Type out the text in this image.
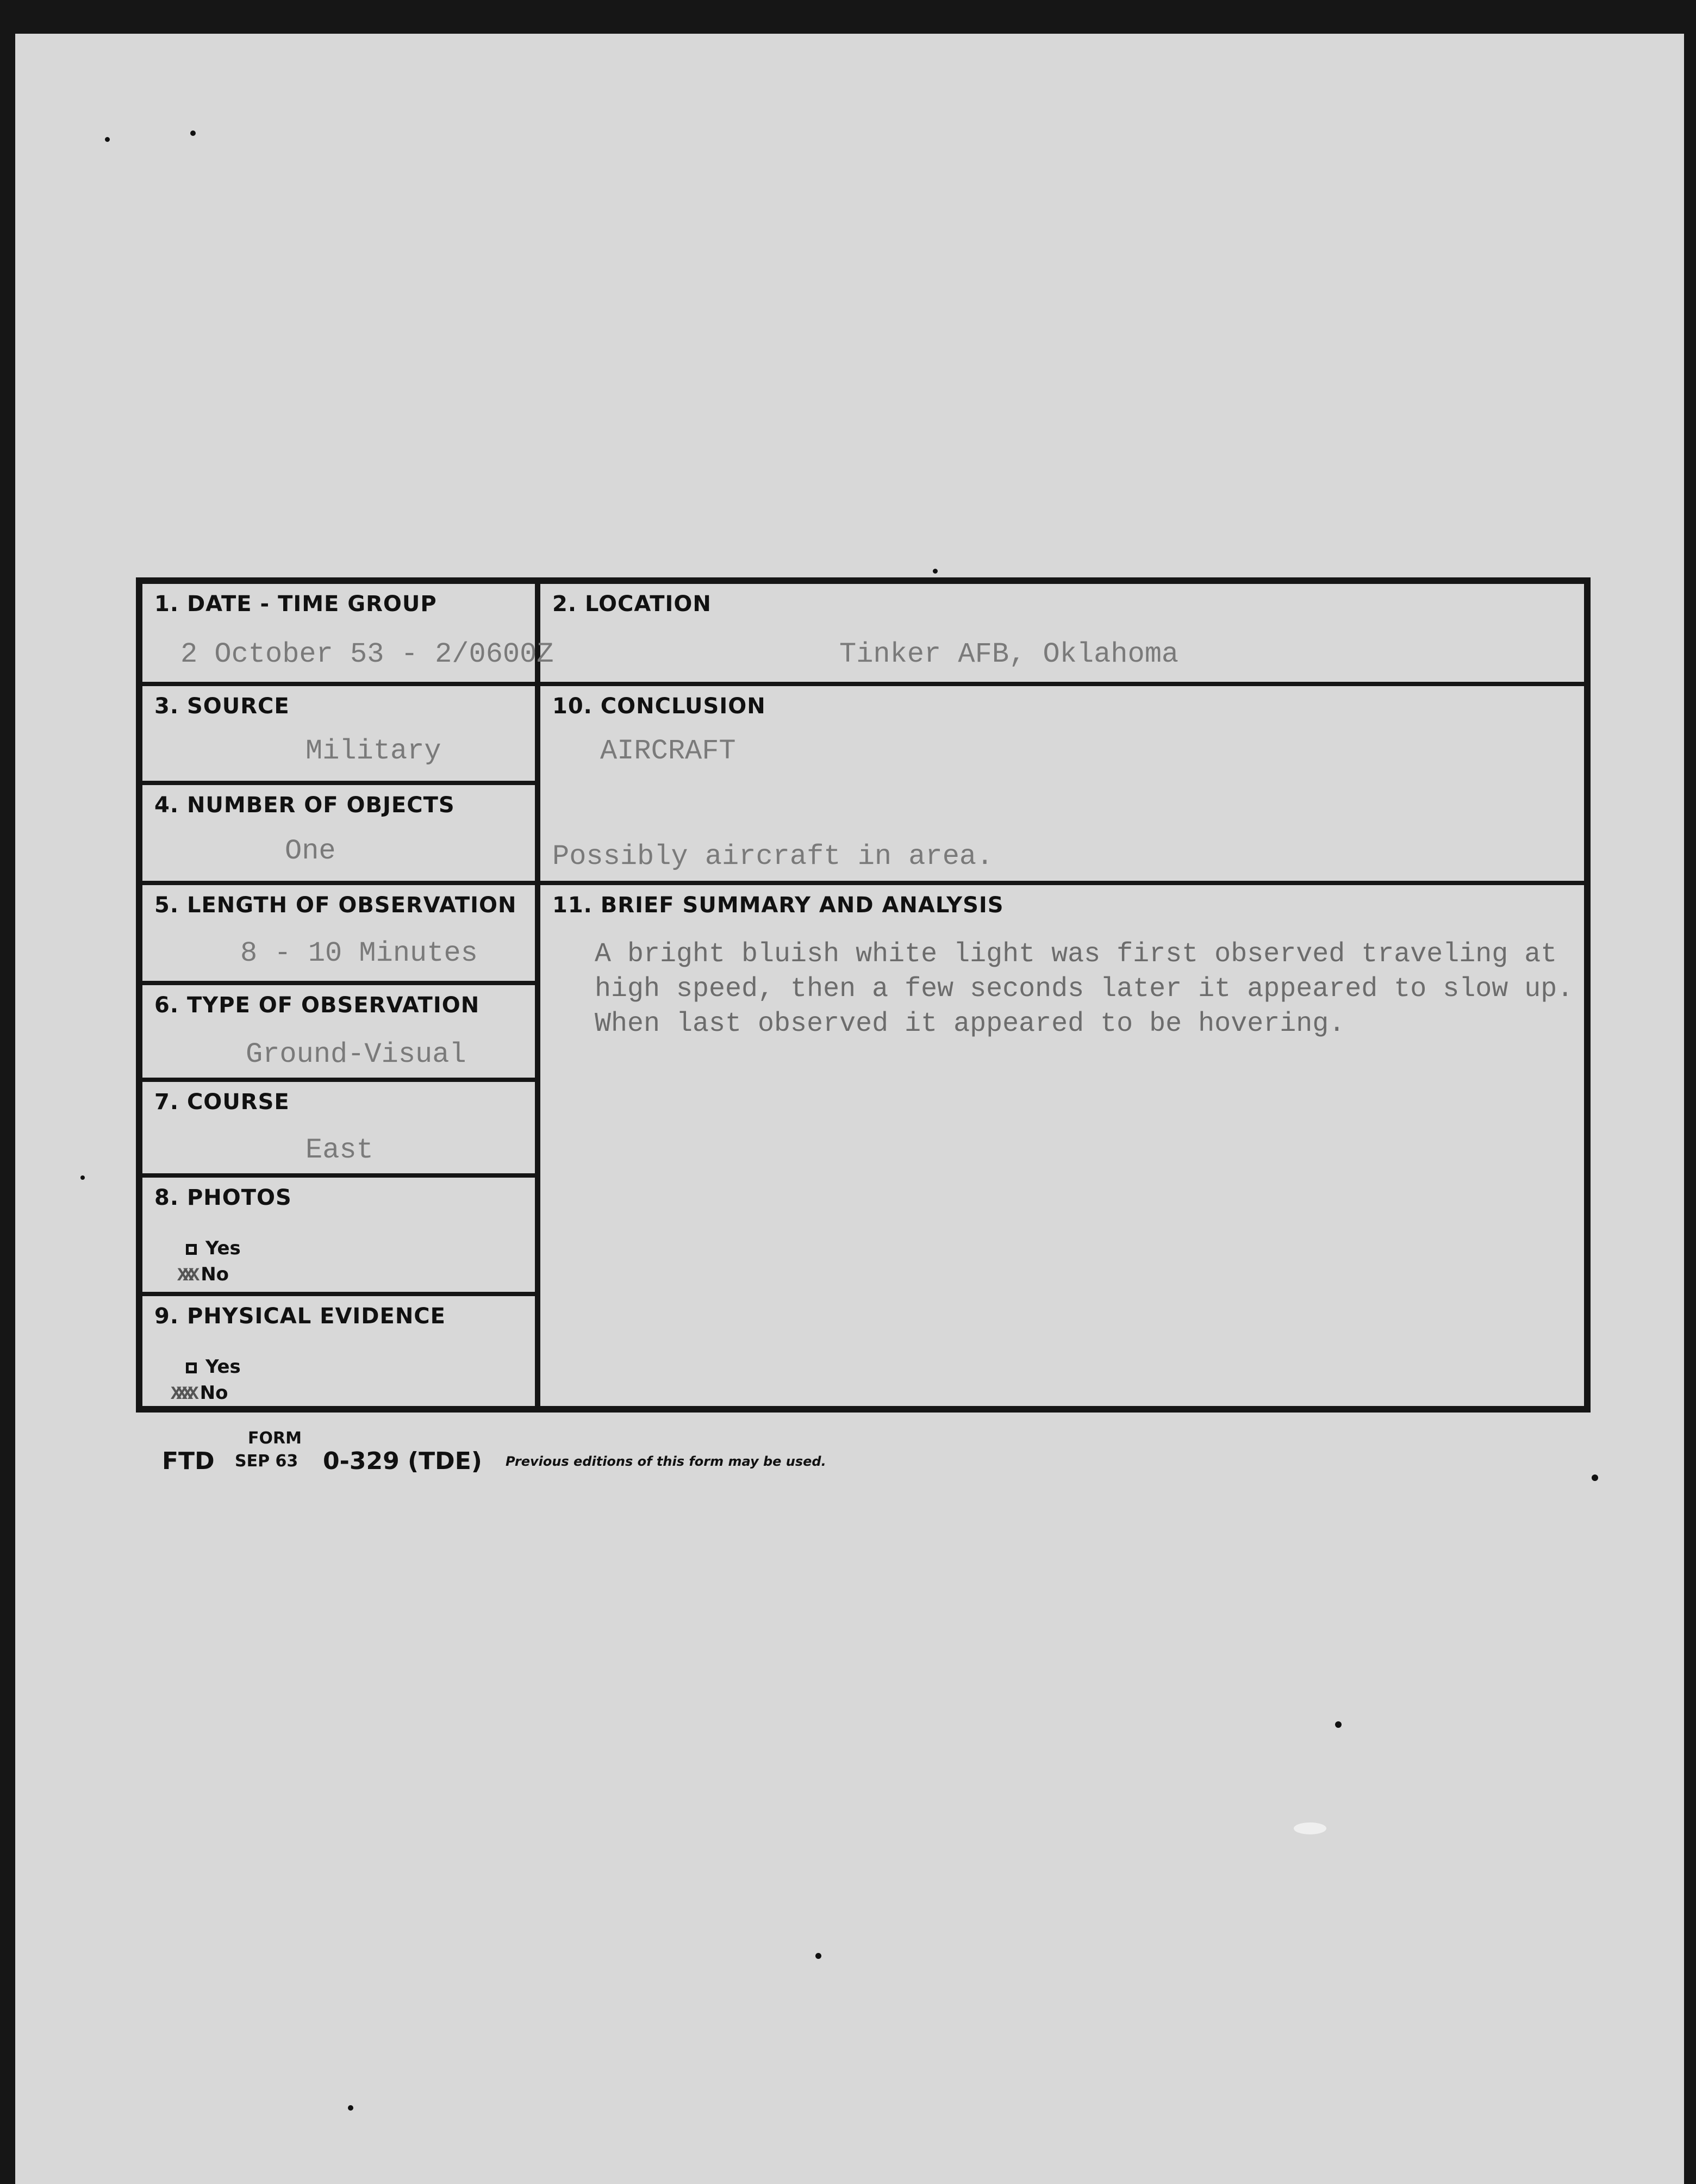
1. DATE - TIME GROUP
2 October 53 - 2/0600Z
3. SOURCE
Military
4. NUMBER OF OBJECTS
One
5. LENGTH OF OBSERVATION
8 - 10 Minutes
6. TYPE OF OBSERVATION
Ground-Visual
7. COURSE
East
8. PHOTOS
Yes
XXX No
9. PHYSICAL EVIDENCE
Yes
XXXX No
2. LOCATION
Tinker AFB, Oklahoma
10. CONCLUSION
AIRCRAFT
Possibly aircraft in area.
11. BRIEF SUMMARY AND ANALYSIS
A bright bluish white light was first observed traveling at high speed, then a few seconds later it appeared to slow up. When last observed it appeared to be hovering.
FORM
FTD SEP 63 0-329 (TDE) Previous editions of this form may be used.
